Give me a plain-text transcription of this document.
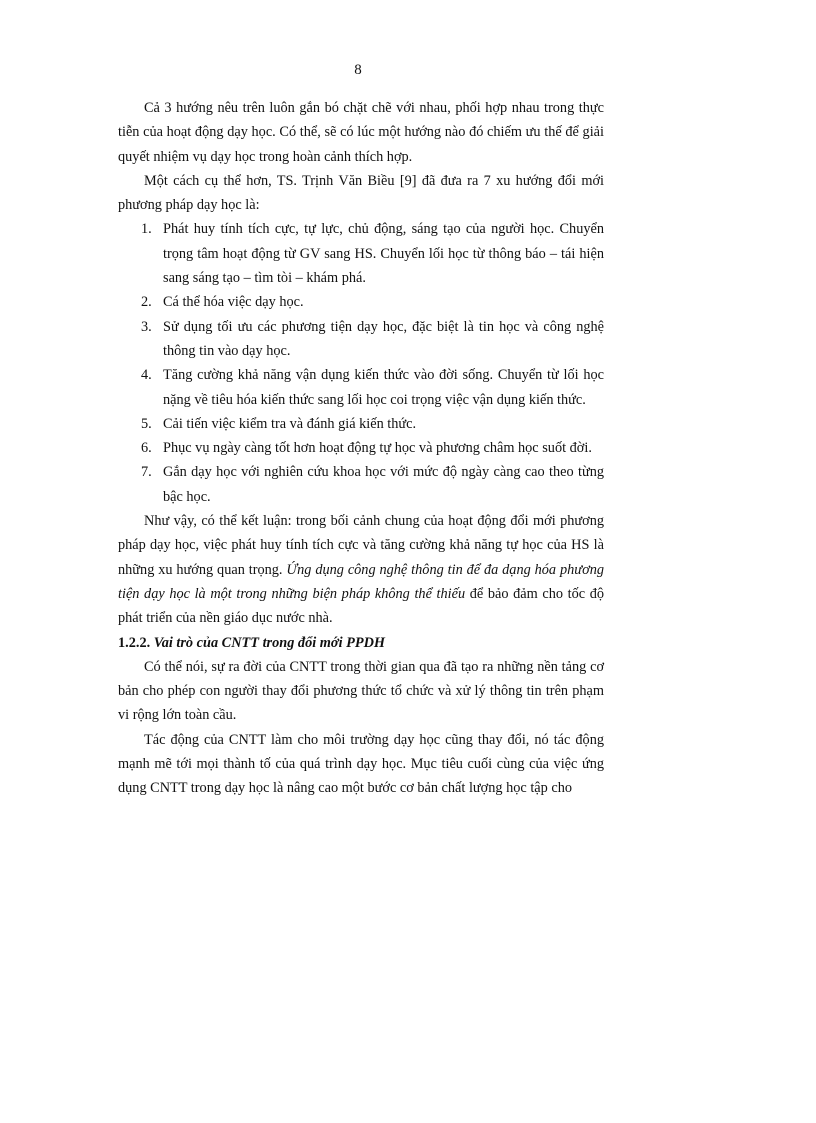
8

Cả 3 hướng nêu trên luôn gắn bó chặt chẽ với nhau, phối hợp nhau trong thực tiễn của hoạt động dạy học. Có thể, sẽ có lúc một hướng nào đó chiếm ưu thế để giải quyết nhiệm vụ dạy học trong hoàn cảnh thích hợp.

Một cách cụ thể hơn, TS. Trịnh Văn Biều [9] đã đưa ra 7 xu hướng đổi mới phương pháp dạy học là:

1. Phát huy tính tích cực, tự lực, chủ động, sáng tạo của người học. Chuyển trọng tâm hoạt động từ GV sang HS. Chuyển lối học từ thông báo – tái hiện sang sáng tạo – tìm tòi – khám phá.
2. Cá thể hóa việc dạy học.
3. Sử dụng tối ưu các phương tiện dạy học, đặc biệt là tin học và công nghệ thông tin vào dạy học.
4. Tăng cường khả năng vận dụng kiến thức vào đời sống. Chuyển từ lối học nặng về tiêu hóa kiến thức sang lối học coi trọng việc vận dụng kiến thức.
5. Cải tiến việc kiểm tra và đánh giá kiến thức.
6. Phục vụ ngày càng tốt hơn hoạt động tự học và phương châm học suốt đời.
7. Gắn dạy học với nghiên cứu khoa học với mức độ ngày càng cao theo từng bậc học.

Như vậy, có thể kết luận: trong bối cảnh chung của hoạt động đổi mới phương pháp dạy học, việc phát huy tính tích cực và tăng cường khả năng tự học của HS là những xu hướng quan trọng. Ứng dụng công nghệ thông tin để đa dạng hóa phương tiện dạy học là một trong những biện pháp không thể thiếu để bảo đảm cho tốc độ phát triển của nền giáo dục nước nhà.

1.2.2. Vai trò của CNTT trong đổi mới PPDH

Có thể nói, sự ra đời của CNTT trong thời gian qua đã tạo ra những nền tảng cơ bản cho phép con người thay đổi phương thức tổ chức và xử lý thông tin trên phạm vi rộng lớn toàn cầu.

Tác động của CNTT làm cho môi trường dạy học cũng thay đổi, nó tác động mạnh mẽ tới mọi thành tố của quá trình dạy học. Mục tiêu cuối cùng của việc ứng dụng CNTT trong dạy học là nâng cao một bước cơ bản chất lượng học tập cho
